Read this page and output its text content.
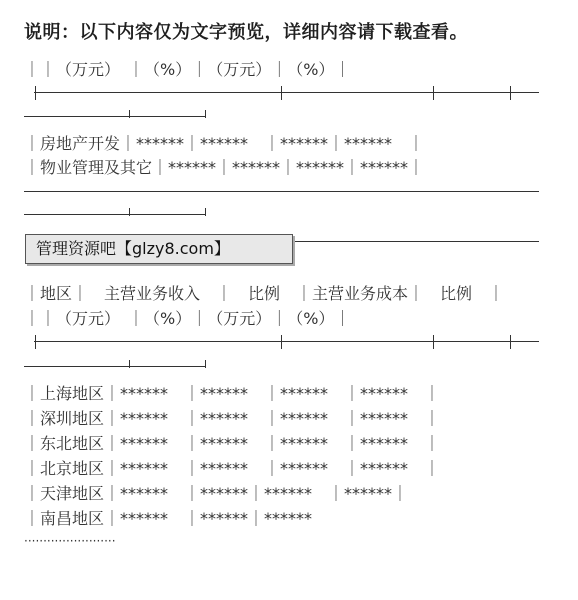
说明：以下内容仅为文字预览，详细内容请下载查看。
｜｜（万元）　｜（%）｜（万元）｜（%）｜
｜房地产开发｜******｜******　｜******｜******　｜
｜物业管理及其它｜******｜******｜******｜******｜
管理资源吧【glzy8.com】
｜地区｜　主营业务收入　｜　比例　｜主营业务成本｜　比例　｜
｜｜（万元）　｜（%）｜（万元）｜（%）｜
｜上海地区｜******　｜******　｜******　｜******　｜
｜深圳地区｜******　｜******　｜******　｜******　｜
｜东北地区｜******　｜******　｜******　｜******　｜
｜北京地区｜******　｜******　｜******　｜******　｜
｜天津地区｜******　｜******｜******　｜******｜
｜南昌地区｜******　｜******｜******
························
